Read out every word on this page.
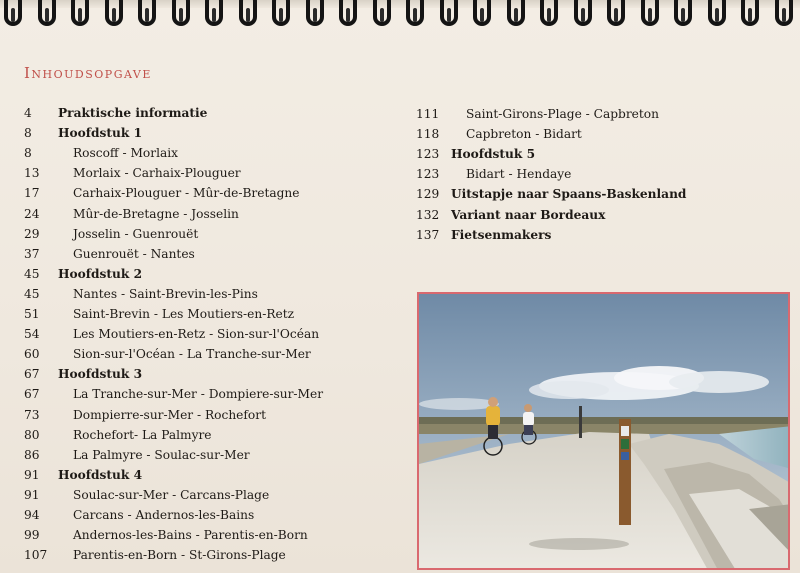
Inhoudsopgave
4 Praktische informatie
8 Hoofdstuk 1
8	Roscoff - Morlaix
13	Morlaix - Carhaix-Plouguer
17	Carhaix-Plouguer - Mûr-de-Bretagne
24	Mûr-de-Bretagne - Josselin
29	Josselin - Guenrouët
37	Guenrouët - Nantes
45 Hoofdstuk 2
45	Nantes - Saint-Brevin-les-Pins
51	Saint-Brevin - Les Moutiers-en-Retz
54	Les Moutiers-en-Retz - Sion-sur-l'Océan
60	Sion-sur-l'Océan - La Tranche-sur-Mer
67 Hoofdstuk 3
67	La Tranche-sur-Mer - Dompiere-sur-Mer
73	Dompierre-sur-Mer - Rochefort
80	Rochefort- La Palmyre
86	La Palmyre - Soulac-sur-Mer
91 Hoofdstuk 4
91	Soulac-sur-Mer - Carcans-Plage
94	Carcans - Andernos-les-Bains
99	Andernos-les-Bains - Parentis-en-Born
107 Parentis-en-Born - St-Girons-Plage
111 Saint-Girons-Plage - Capbreton
118 Capbreton - Bidart
123 Hoofdstuk 5
123 Bidart - Hendaye
129 Uitstapje naar Spaans-Baskenland
132 Variant naar Bordeaux
137 Fietsenmakers
